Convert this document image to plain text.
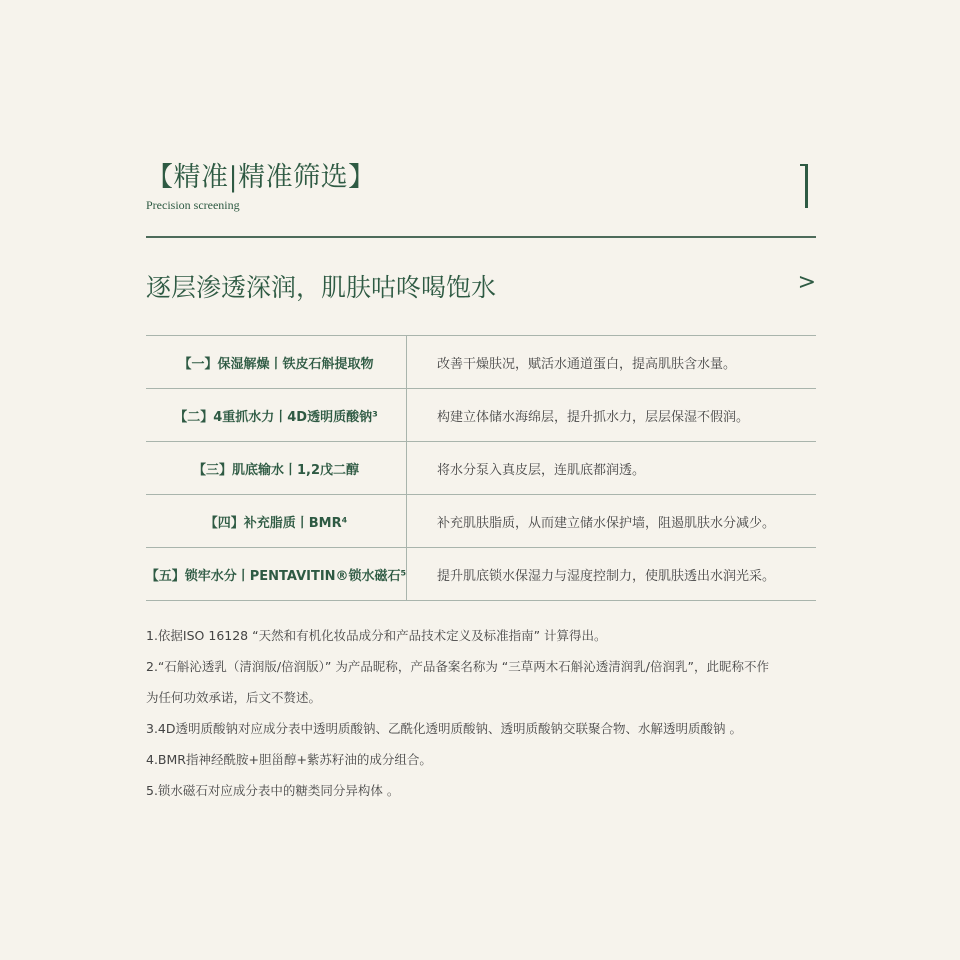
【精准|精准筛选】
Precision screening
逐层渗透深润，肌肤咕咚喝饱水	>
【一】保湿解燥丨铁皮石斛提取物	改善干燥肤况，赋活水通道蛋白，提高肌肤含水量。
【二】4重抓水力丨4D透明质酸钠³	构建立体储水海绵层，提升抓水力，层层保湿不假润。
【三】肌底输水丨1,2戊二醇	将水分泵入真皮层，连肌底都润透。
【四】补充脂质丨BMR⁴	补充肌肤脂质，从而建立储水保护墙，阻遏肌肤水分减少。
【五】锁牢水分丨PENTAVITIN®锁水磁石⁵	提升肌底锁水保湿力与湿度控制力，使肌肤透出水润光采。
1.依据ISO 16128 “天然和有机化妆品成分和产品技术定义及标准指南” 计算得出。
2.“石斛沁透乳（清润版/倍润版）” 为产品昵称，产品备案名称为 “三草两木石斛沁透清润乳/倍润乳”，此昵称不作
为任何功效承诺，后文不赘述。
3.4D透明质酸钠对应成分表中透明质酸钠、乙酰化透明质酸钠、透明质酸钠交联聚合物、水解透明质酸钠 。
4.BMR指神经酰胺+胆甾醇+紫苏籽油的成分组合。
5.锁水磁石对应成分表中的糖类同分异构体 。
